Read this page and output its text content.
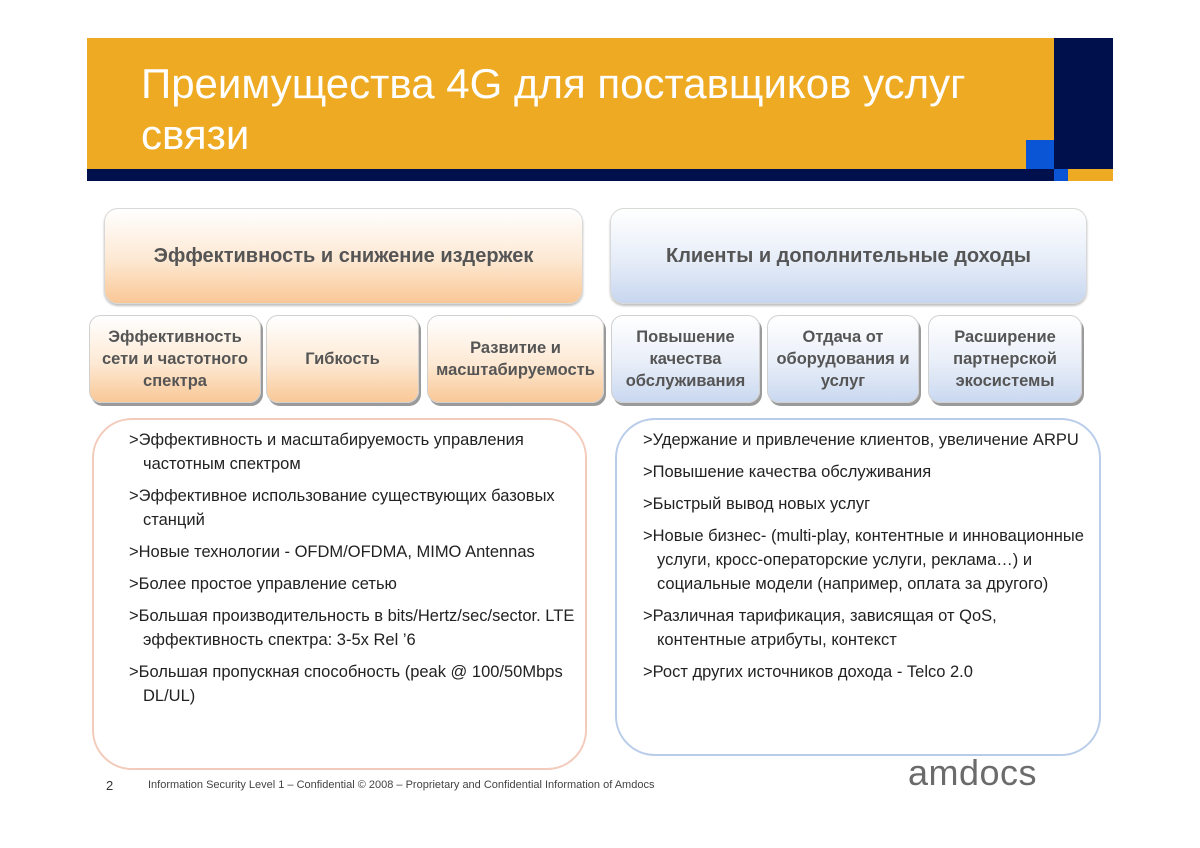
Преимущества 4G для поставщиков услуг связи
Эффективность и снижение издержек	Клиенты и дополнительные доходы
Эффективность сети и частотного спектра
Гибкость
Развитие и масштабируемость
Повышение качества обслуживания
Отдача от оборудования и услуг
Расширение партнерской экосистемы
>Эффективность и масштабируемость управления частотным спектром
>Эффективное использование существующих базовых станций
>Новые технологии - OFDM/OFDMA, MIMO Antennas
>Более простое управление сетью
>Большая производительность в bits/Hertz/sec/sector. LTE эффективность спектра: 3-5x Rel ’6
>Большая пропускная способность (peak @ 100/50Mbps DL/UL)
>Удержание и привлечение клиентов, увеличение ARPU
>Повышение качества обслуживания
>Быстрый вывод новых услуг
>Новые бизнес- (multi-play, контентные и инновационные услуги, кросс-операторские услуги, реклама…) и социальные модели (например, оплата за другого)
>Различная тарификация, зависящая от QoS, контентные атрибуты, контекст
>Рост других источников дохода - Telco 2.0
2	Information Security Level 1 – Confidential © 2008 – Proprietary and Confidential Information of Amdocs	amdocs
